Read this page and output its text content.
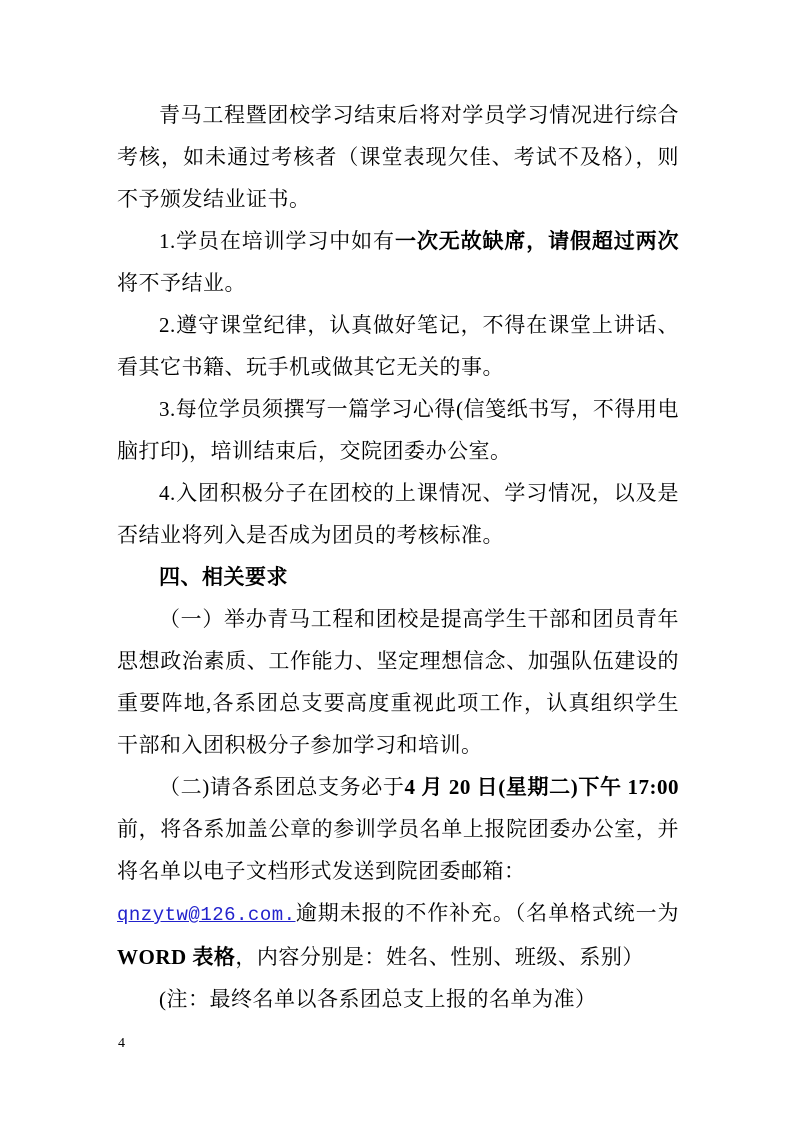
青马工程暨团校学习结束后将对学员学习情况进行综合考核，如未通过考核者（课堂表现欠佳、考试不及格），则不予颁发结业证书。

1.学员在培训学习中如有一次无故缺席，请假超过两次将不予结业。

2.遵守课堂纪律，认真做好笔记，不得在课堂上讲话、看其它书籍、玩手机或做其它无关的事。

3.每位学员须撰写一篇学习心得(信笺纸书写，不得用电脑打印)，培训结束后，交院团委办公室。

4.入团积极分子在团校的上课情况、学习情况，以及是否结业将列入是否成为团员的考核标准。

四、相关要求

（一）举办青马工程和团校是提高学生干部和团员青年思想政治素质、工作能力、坚定理想信念、加强队伍建设的重要阵地,各系团总支要高度重视此项工作，认真组织学生干部和入团积极分子参加学习和培训。

（二)请各系团总支务必于4 月 20 日(星期二)下午 17:00 前，将各系加盖公章的参训学员名单上报院团委办公室，并将名单以电子文档形式发送到院团委邮箱：
qnzytw@126.com.逾期未报的不作补充。（名单格式统一为WORD 表格，内容分别是：姓名、性别、班级、系别）

(注：最终名单以各系团总支上报的名单为准）

4
